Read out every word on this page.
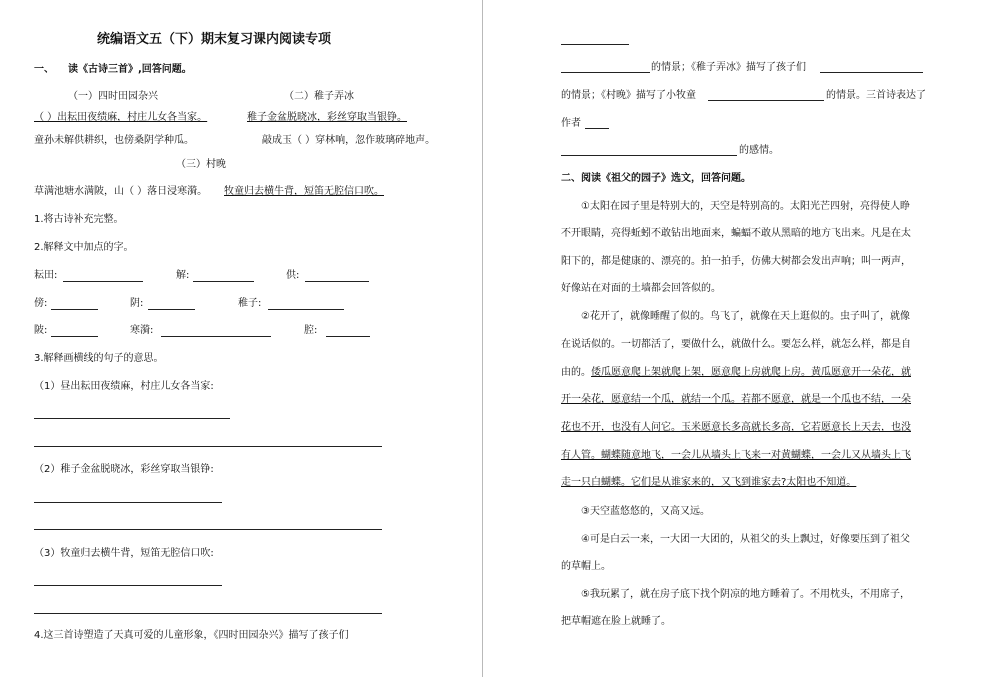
统编语文五（下）期末复习课内阅读专项
一、 读《古诗三首》,回答问题。
（一）四时田园杂兴	（二）稚子弄冰
（ ）出耘田夜绩麻，村庄儿女各当家。	稚子金盆脱晓冰，彩丝穿取当银铮。
童孙未解供耕织，也傍桑阴学种瓜。	敲成玉（ ）穿林响，忽作玻璃碎地声。
（三）村晚
草满池塘水满陂，山（ ）落日浸寒漪。 牧童归去横牛背，短笛无腔信口吹。
1.将古诗补充完整。
2.解释文中加点的字。
耘田:	解:	供:
傍:	阴:	稚子:
陂:	寒漪:	腔:
3.解释画横线的句子的意思。
（1）昼出耘田夜绩麻，村庄儿女各当家:
（2）稚子金盆脱晓冰，彩丝穿取当银铮:
（3）牧童归去横牛背，短笛无腔信口吹:
4.这三首诗塑造了天真可爱的儿童形象，《四时田园杂兴》描写了孩子们
的情景；《稚子弄冰》描写了孩子们
的情景；《村晚》描写了小牧童	的情景。三首诗表达了
作者
的感情。
二、阅读《祖父的园子》选文，回答问题。
①太阳在园子里是特别大的，天空是特别高的。太阳光芒四射，亮得使人睁
不开眼睛，亮得蚯蚓不敢钻出地面来，蝙蝠不敢从黑暗的地方飞出来。凡是在太
阳下的，都是健康的、漂亮的。拍一拍手，仿佛大树都会发出声响；叫一两声，
好像站在对面的土墙都会回答似的。
②花开了，就像睡醒了似的。鸟飞了，就像在天上逛似的。虫子叫了，就像
在说话似的。一切都活了，要做什么，就做什么。要怎么样，就怎么样，都是自
由的。 倭瓜愿意爬上架就爬上架，愿意爬上房就爬上房。黄瓜愿意开一朵花，就
开一朵花，愿意结一个瓜，就结一个瓜。若都不愿意，就是一个瓜也不结，一朵
花也不开，也没有人问它。玉米愿意长多高就长多高，它若愿意长上天去，也没
有人管。蝴蝶随意地飞，一会儿从墙头上飞来一对黄蝴蝶，一会儿又从墙头上飞
走一只白蝴蝶。它们是从谁家来的，又飞到谁家去?太阳也不知道。
③天空蓝悠悠的，又高又远。
④可是白云一来，一大团一大团的，从祖父的头上飘过，好像要压到了祖父
的草帽上。
⑤我玩累了，就在房子底下找个阴凉的地方睡着了。不用枕头，不用席子，
把草帽遮在脸上就睡了。
